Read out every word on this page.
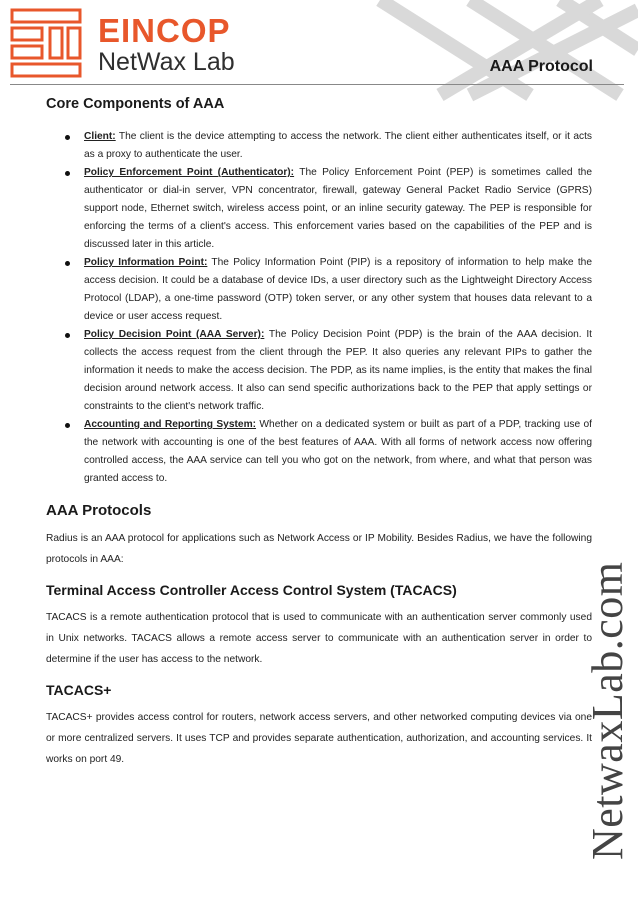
EINCOP
NetWax Lab	AAA Protocol
NetwaxLab.com
Core Components of AAA
Client: The client is the device attempting to access the network. The client either authenticates itself, or it acts as a proxy to authenticate the user.
Policy Enforcement Point (Authenticator): The Policy Enforcement Point (PEP) is sometimes called the authenticator or dial-in server, VPN concentrator, firewall, gateway General Packet Radio Service (GPRS) support node, Ethernet switch, wireless access point, or an inline security gateway. The PEP is responsible for enforcing the terms of a client's access. This enforcement varies based on the capabilities of the PEP and is discussed later in this article.
Policy Information Point: The Policy Information Point (PIP) is a repository of information to help make the access decision. It could be a database of device IDs, a user directory such as the Lightweight Directory Access Protocol (LDAP), a one-time password (OTP) token server, or any other system that houses data relevant to a device or user access request.
Policy Decision Point (AAA Server): The Policy Decision Point (PDP) is the brain of the AAA decision. It collects the access request from the client through the PEP. It also queries any relevant PIPs to gather the information it needs to make the access decision. The PDP, as its name implies, is the entity that makes the final decision around network access. It also can send specific authorizations back to the PEP that apply settings or constraints to the client's network traffic.
Accounting and Reporting System: Whether on a dedicated system or built as part of a PDP, tracking use of the network with accounting is one of the best features of AAA. With all forms of network access now offering controlled access, the AAA service can tell you who got on the network, from where, and what that person was granted access to.
AAA Protocols

Radius is an AAA protocol for applications such as Network Access or IP Mobility. Besides Radius, we have the following protocols in AAA:

Terminal Access Controller Access Control System (TACACS)

TACACS is a remote authentication protocol that is used to communicate with an authentication server commonly used in Unix networks. TACACS allows a remote access server to communicate with an authentication server in order to determine if the user has access to the network.

TACACS+

TACACS+ provides access control for routers, network access servers, and other networked computing devices via one or more centralized servers. It uses TCP and provides separate authentication, authorization, and accounting services. It works on port 49.
